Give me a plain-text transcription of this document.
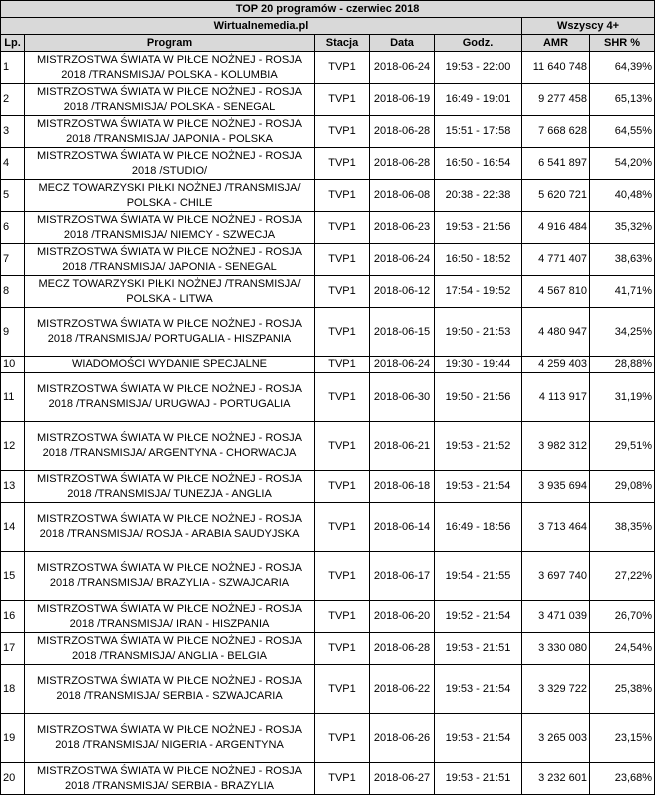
TOP 20 programów - czerwiec 2018						
Wirtualnemedia.pl					Wszyscy 4+	
Lp.	Program	Stacja	Data	Godz.	AMR	SHR %
1	MISTRZOSTWA ŚWIATA W PIŁCE NOŻNEJ - ROSJA 2018 /TRANSMISJA/ POLSKA - KOLUMBIA	TVP1	2018-06-24	19:53 - 22:00	11 640 748	64,39%
2	MISTRZOSTWA ŚWIATA W PIŁCE NOŻNEJ - ROSJA 2018 /TRANSMISJA/ POLSKA - SENEGAL	TVP1	2018-06-19	16:49 - 19:01	9 277 458	65,13%
3	MISTRZOSTWA ŚWIATA W PIŁCE NOŻNEJ - ROSJA 2018 /TRANSMISJA/ JAPONIA - POLSKA	TVP1	2018-06-28	15:51 - 17:58	7 668 628	64,55%
4	MISTRZOSTWA ŚWIATA W PIŁCE NOŻNEJ - ROSJA 2018 /STUDIO/	TVP1	2018-06-28	16:50 - 16:54	6 541 897	54,20%
5	MECZ TOWARZYSKI PIŁKI NOŻNEJ /TRANSMISJA/ POLSKA - CHILE	TVP1	2018-06-08	20:38 - 22:38	5 620 721	40,48%
6	MISTRZOSTWA ŚWIATA W PIŁCE NOŻNEJ - ROSJA 2018 /TRANSMISJA/ NIEMCY - SZWECJA	TVP1	2018-06-23	19:53 - 21:56	4 916 484	35,32%
7	MISTRZOSTWA ŚWIATA W PIŁCE NOŻNEJ - ROSJA 2018 /TRANSMISJA/ JAPONIA - SENEGAL	TVP1	2018-06-24	16:50 - 18:52	4 771 407	38,63%
8	MECZ TOWARZYSKI PIŁKI NOŻNEJ /TRANSMISJA/ POLSKA - LITWA	TVP1	2018-06-12	17:54 - 19:52	4 567 810	41,71%
9	MISTRZOSTWA ŚWIATA W PIŁCE NOŻNEJ - ROSJA 2018 /TRANSMISJA/ PORTUGALIA - HISZPANIA	TVP1	2018-06-15	19:50 - 21:53	4 480 947	34,25%
10	WIADOMOŚCI WYDANIE SPECJALNE	TVP1	2018-06-24	19:30 - 19:44	4 259 403	28,88%
11	MISTRZOSTWA ŚWIATA W PIŁCE NOŻNEJ - ROSJA 2018 /TRANSMISJA/ URUGWAJ - PORTUGALIA	TVP1	2018-06-30	19:50 - 21:56	4 113 917	31,19%
12	MISTRZOSTWA ŚWIATA W PIŁCE NOŻNEJ - ROSJA 2018 /TRANSMISJA/ ARGENTYNA - CHORWACJA	TVP1	2018-06-21	19:53 - 21:52	3 982 312	29,51%
13	MISTRZOSTWA ŚWIATA W PIŁCE NOŻNEJ - ROSJA 2018 /TRANSMISJA/ TUNEZJA - ANGLIA	TVP1	2018-06-18	19:53 - 21:54	3 935 694	29,08%
14	MISTRZOSTWA ŚWIATA W PIŁCE NOŻNEJ - ROSJA 2018 /TRANSMISJA/ ROSJA - ARABIA SAUDYJSKA	TVP1	2018-06-14	16:49 - 18:56	3 713 464	38,35%
15	MISTRZOSTWA ŚWIATA W PIŁCE NOŻNEJ - ROSJA 2018 /TRANSMISJA/ BRAZYLIA - SZWAJCARIA	TVP1	2018-06-17	19:54 - 21:55	3 697 740	27,22%
16	MISTRZOSTWA ŚWIATA W PIŁCE NOŻNEJ - ROSJA 2018 /TRANSMISJA/ IRAN - HISZPANIA	TVP1	2018-06-20	19:52 - 21:54	3 471 039	26,70%
17	MISTRZOSTWA ŚWIATA W PIŁCE NOŻNEJ - ROSJA 2018 /TRANSMISJA/ ANGLIA - BELGIA	TVP1	2018-06-28	19:53 - 21:51	3 330 080	24,54%
18	MISTRZOSTWA ŚWIATA W PIŁCE NOŻNEJ - ROSJA 2018 /TRANSMISJA/ SERBIA - SZWAJCARIA	TVP1	2018-06-22	19:53 - 21:54	3 329 722	25,38%
19	MISTRZOSTWA ŚWIATA W PIŁCE NOŻNEJ - ROSJA 2018 /TRANSMISJA/ NIGERIA - ARGENTYNA	TVP1	2018-06-26	19:53 - 21:54	3 265 003	23,15%
20	MISTRZOSTWA ŚWIATA W PIŁCE NOŻNEJ - ROSJA 2018 /TRANSMISJA/ SERBIA - BRAZYLIA	TVP1	2018-06-27	19:53 - 21:51	3 232 601	23,68%
